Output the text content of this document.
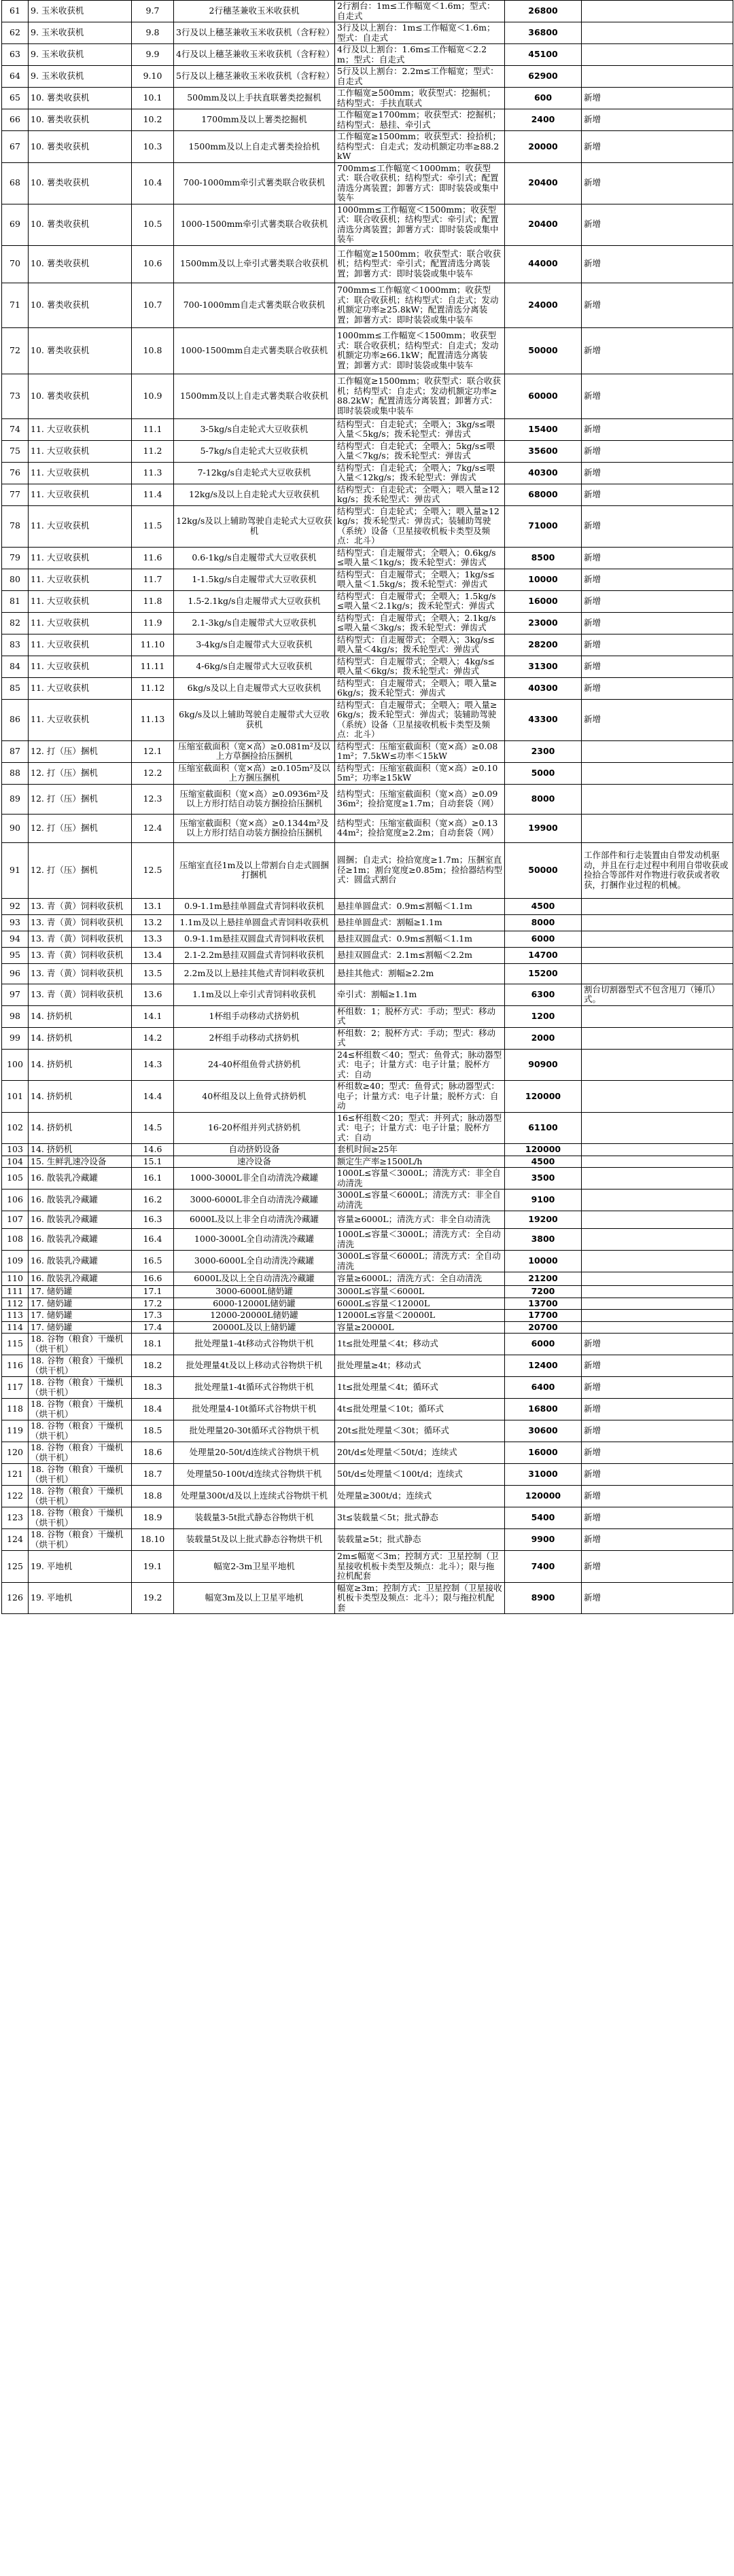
61	9. 玉米收获机	9.7	2行穗茎兼收玉米收获机	2行割台：1m≤工作幅宽＜1.6m；型式：自走式	26800	
62	9. 玉米收获机	9.8	3行及以上穗茎兼收玉米收获机（含籽粒）	3行及以上割台：1m≤工作幅宽＜1.6m；型式：自走式	36800	
63	9. 玉米收获机	9.9	4行及以上穗茎兼收玉米收获机（含籽粒）	4行及以上割台：1.6m≤工作幅宽＜2.2m；型式：自走式	45100	
64	9. 玉米收获机	9.10	5行及以上穗茎兼收玉米收获机（含籽粒）	5行及以上割台：2.2m≤工作幅宽；型式：自走式	62900	
65	10. 薯类收获机	10.1	500mm及以上手扶直联薯类挖掘机	工作幅宽≥500mm；收获型式：挖掘机；结构型式：手扶直联式	600	新增
66	10. 薯类收获机	10.2	1700mm及以上薯类挖掘机	工作幅宽≥1700mm；收获型式：挖掘机；结构型式：悬挂、牵引式	2400	新增
67	10. 薯类收获机	10.3	1500mm及以上自走式薯类捡拾机	工作幅宽≥1500mm；收获型式：捡拾机；结构型式：自走式；发动机额定功率≥88.2kW	20000	新增
68	10. 薯类收获机	10.4	700-1000mm牵引式薯类联合收获机	700mm≤工作幅宽＜1000mm；收获型式：联合收获机；结构型式：牵引式；配置清选分离装置；卸薯方式：即时装袋或集中装车	20400	新增
69	10. 薯类收获机	10.5	1000-1500mm牵引式薯类联合收获机	1000mm≤工作幅宽＜1500mm；收获型式：联合收获机；结构型式：牵引式；配置清选分离装置；卸薯方式：即时装袋或集中装车	20400	新增
70	10. 薯类收获机	10.6	1500mm及以上牵引式薯类联合收获机	工作幅宽≥1500mm；收获型式：联合收获机；结构型式：牵引式；配置清选分离装置；卸薯方式：即时装袋或集中装车	44000	新增
71	10. 薯类收获机	10.7	700-1000mm自走式薯类联合收获机	700mm≤工作幅宽＜1000mm；收获型式：联合收获机；结构型式：自走式；发动机额定功率≥25.8kW；配置清选分离装置；卸薯方式：即时装袋或集中装车	24000	新增
72	10. 薯类收获机	10.8	1000-1500mm自走式薯类联合收获机	1000mm≤工作幅宽＜1500mm；收获型式：联合收获机；结构型式：自走式；发动机额定功率≥66.1kW；配置清选分离装置；卸薯方式：即时装袋或集中装车	50000	新增
73	10. 薯类收获机	10.9	1500mm及以上自走式薯类联合收获机	工作幅宽≥1500mm；收获型式：联合收获机；结构型式：自走式；发动机额定功率≥88.2kW；配置清选分离装置；卸薯方式：即时装袋或集中装车	60000	新增
74	11. 大豆收获机	11.1	3-5kg/s自走轮式大豆收获机	结构型式：自走轮式；全喂入；3kg/s≤喂入量＜5kg/s；拨禾轮型式：弹齿式	15400	新增
75	11. 大豆收获机	11.2	5-7kg/s自走轮式大豆收获机	结构型式：自走轮式；全喂入；5kg/s≤喂入量＜7kg/s；拨禾轮型式：弹齿式	35600	新增
76	11. 大豆收获机	11.3	7-12kg/s自走轮式大豆收获机	结构型式：自走轮式；全喂入；7kg/s≤喂入量＜12kg/s；拨禾轮型式：弹齿式	40300	新增
77	11. 大豆收获机	11.4	12kg/s及以上自走轮式大豆收获机	结构型式：自走轮式；全喂入；喂入量≥12kg/s；拨禾轮型式：弹齿式	68000	新增
78	11. 大豆收获机	11.5	12kg/s及以上辅助驾驶自走轮式大豆收获机	结构型式：自走轮式；全喂入；喂入量≥12kg/s；拨禾轮型式：弹齿式；装辅助驾驶（系统）设备（卫星接收机板卡类型及频点：北斗）	71000	新增
79	11. 大豆收获机	11.6	0.6-1kg/s自走履带式大豆收获机	结构型式：自走履带式；全喂入；0.6kg/s≤喂入量＜1kg/s；拨禾轮型式：弹齿式	8500	新增
80	11. 大豆收获机	11.7	1-1.5kg/s自走履带式大豆收获机	结构型式：自走履带式；全喂入；1kg/s≤喂入量＜1.5kg/s；拨禾轮型式：弹齿式	10000	新增
81	11. 大豆收获机	11.8	1.5-2.1kg/s自走履带式大豆收获机	结构型式：自走履带式；全喂入；1.5kg/s≤喂入量＜2.1kg/s；拨禾轮型式：弹齿式	16000	新增
82	11. 大豆收获机	11.9	2.1-3kg/s自走履带式大豆收获机	结构型式：自走履带式；全喂入；2.1kg/s≤喂入量＜3kg/s；拨禾轮型式：弹齿式	23000	新增
83	11. 大豆收获机	11.10	3-4kg/s自走履带式大豆收获机	结构型式：自走履带式；全喂入；3kg/s≤喂入量＜4kg/s；拨禾轮型式：弹齿式	28200	新增
84	11. 大豆收获机	11.11	4-6kg/s自走履带式大豆收获机	结构型式：自走履带式；全喂入；4kg/s≤喂入量＜6kg/s；拨禾轮型式：弹齿式	31300	新增
85	11. 大豆收获机	11.12	6kg/s及以上自走履带式大豆收获机	结构型式：自走履带式；全喂入；喂入量≥6kg/s；拨禾轮型式：弹齿式	40300	新增
86	11. 大豆收获机	11.13	6kg/s及以上辅助驾驶自走履带式大豆收获机	结构型式：自走履带式；全喂入；喂入量≥6kg/s；拨禾轮型式：弹齿式；装辅助驾驶（系统）设备（卫星接收机板卡类型及频点：北斗）	43300	新增
87	12. 打（压）捆机	12.1	压缩室截面积（宽×高）≥0.081m²及以上方草捆捡拾压捆机	结构型式：压缩室截面积（宽×高）≥0.081m²；7.5kW≤功率＜15kW	2300	
88	12. 打（压）捆机	12.2	压缩室截面积（宽×高）≥0.105m²及以上方捆压捆机	结构型式：压缩室截面积（宽×高）≥0.105m²；功率≥15kW	5000	
89	12. 打（压）捆机	12.3	压缩室截面积（宽×高）≥0.0936m²及以上方形打结自动装方捆捡拾压捆机	结构型式：压缩室截面积（宽×高）≥0.0936m²；捡拾宽度≥1.7m；自动套袋（网）	8000	
90	12. 打（压）捆机	12.4	压缩室截面积（宽×高）≥0.1344m²及以上方形打结自动装方捆捡拾压捆机	结构型式：压缩室截面积（宽×高）≥0.1344m²；捡拾宽度≥2.2m；自动套袋（网）	19900	
91	12. 打（压）捆机	12.5	压缩室直径1m及以上带割台自走式圆捆打捆机	圆捆；自走式；捡拾宽度≥1.7m；压捆室直径≥1m；割台宽度≥0.85m；捡拾器结构型式：圆盘式割台	50000	工作部件和行走装置由自带发动机驱动，并且在行走过程中利用自带收获或捡拾合等部件对作物进行收获或者收获，打捆作业过程的机械。
92	13. 青（黄）饲料收获机	13.1	0.9-1.1m悬挂单圆盘式青饲料收获机	悬挂单圆盘式：0.9m≤割幅＜1.1m	4500	
93	13. 青（黄）饲料收获机	13.2	1.1m及以上悬挂单圆盘式青饲料收获机	悬挂单圆盘式：割幅≥1.1m	8000	
94	13. 青（黄）饲料收获机	13.3	0.9-1.1m悬挂双圆盘式青饲料收获机	悬挂双圆盘式：0.9m≤割幅＜1.1m	6000	
95	13. 青（黄）饲料收获机	13.4	2.1-2.2m悬挂双圆盘式青饲料收获机	悬挂双圆盘式：2.1m≤割幅＜2.2m	14700	
96	13. 青（黄）饲料收获机	13.5	2.2m及以上悬挂其他式青饲料收获机	悬挂其他式：割幅≥2.2m	15200	
97	13. 青（黄）饲料收获机	13.6	1.1m及以上牵引式青饲料收获机	牵引式：割幅≥1.1m	6300	割台切割器型式不包含甩刀（锤爪）式。
98	14. 挤奶机	14.1	1杯组手动移动式挤奶机	杯组数：1；脱杯方式：手动；型式：移动式	1200	
99	14. 挤奶机	14.2	2杯组手动移动式挤奶机	杯组数：2；脱杯方式：手动；型式：移动式	2000	
100	14. 挤奶机	14.3	24-40杯组鱼骨式挤奶机	24≤杯组数＜40；型式：鱼骨式；脉动器型式：电子；计量方式：电子计量；脱杯方式：自动	90900	
101	14. 挤奶机	14.4	40杯组及以上鱼骨式挤奶机	杯组数≥40；型式：鱼骨式；脉动器型式：电子；计量方式：电子计量；脱杯方式：自动	120000	
102	14. 挤奶机	14.5	16-20杯组并列式挤奶机	16≤杯组数＜20；型式：并列式；脉动器型式：电子；计量方式：电子计量；脱杯方式：自动	61100	
103	14. 挤奶机	14.6	自动挤奶设备	套机时间≥25年	120000	
104	15. 生鲜乳速冷设备	15.1	速冷设备	额定生产率≥1500L/h	4500	
105	16. 散装乳冷藏罐	16.1	1000-3000L非全自动清洗冷藏罐	1000L≤容量＜3000L；清洗方式：非全自动清洗	3500	
106	16. 散装乳冷藏罐	16.2	3000-6000L非全自动清洗冷藏罐	3000L≤容量＜6000L；清洗方式：非全自动清洗	9100	
107	16. 散装乳冷藏罐	16.3	6000L及以上非全自动清洗冷藏罐	容量≥6000L；清洗方式：非全自动清洗	19200	
108	16. 散装乳冷藏罐	16.4	1000-3000L全自动清洗冷藏罐	1000L≤容量＜3000L；清洗方式：全自动清洗	3800	
109	16. 散装乳冷藏罐	16.5	3000-6000L全自动清洗冷藏罐	3000L≤容量＜6000L；清洗方式：全自动清洗	10000	
110	16. 散装乳冷藏罐	16.6	6000L及以上全自动清洗冷藏罐	容量≥6000L；清洗方式：全自动清洗	21200	
111	17. 储奶罐	17.1	3000-6000L储奶罐	3000L≤容量＜6000L	7200	
112	17. 储奶罐	17.2	6000-12000L储奶罐	6000L≤容量＜12000L	13700	
113	17. 储奶罐	17.3	12000-20000L储奶罐	12000L≤容量＜20000L	17700	
114	17. 储奶罐	17.4	20000L及以上储奶罐	容量≥20000L	20700	
115	18. 谷物（粮食）干燥机（烘干机）	18.1	批处理量1-4t移动式谷物烘干机	1t≤批处理量＜4t；移动式	6000	新增
116	18. 谷物（粮食）干燥机（烘干机）	18.2	批处理量4t及以上移动式谷物烘干机	批处理量≥4t；移动式	12400	新增
117	18. 谷物（粮食）干燥机（烘干机）	18.3	批处理量1-4t循环式谷物烘干机	1t≤批处理量＜4t；循环式	6400	新增
118	18. 谷物（粮食）干燥机（烘干机）	18.4	批处理量4-10t循环式谷物烘干机	4t≤批处理量＜10t；循环式	16800	新增
119	18. 谷物（粮食）干燥机（烘干机）	18.5	批处理量20-30t循环式谷物烘干机	20t≤批处理量＜30t；循环式	30600	新增
120	18. 谷物（粮食）干燥机（烘干机）	18.6	处理量20-50t/d连续式谷物烘干机	20t/d≤处理量＜50t/d；连续式	16000	新增
121	18. 谷物（粮食）干燥机（烘干机）	18.7	处理量50-100t/d连续式谷物烘干机	50t/d≤处理量＜100t/d；连续式	31000	新增
122	18. 谷物（粮食）干燥机（烘干机）	18.8	处理量300t/d及以上连续式谷物烘干机	处理量≥300t/d；连续式	120000	新增
123	18. 谷物（粮食）干燥机（烘干机）	18.9	装载量3-5t批式静态谷物烘干机	3t≤装载量＜5t；批式静态	5400	新增
124	18. 谷物（粮食）干燥机（烘干机）	18.10	装载量5t及以上批式静态谷物烘干机	装载量≥5t；批式静态	9900	新增
125	19. 平地机	19.1	幅宽2-3m卫星平地机	2m≤幅宽＜3m；控制方式：卫星控制（卫星接收机板卡类型及频点：北斗）；限与拖拉机配套	7400	新增
126	19. 平地机	19.2	幅宽3m及以上卫星平地机	幅宽≥3m；控制方式：卫星控制（卫星接收机板卡类型及频点：北斗）；限与拖拉机配套	8900	新增
